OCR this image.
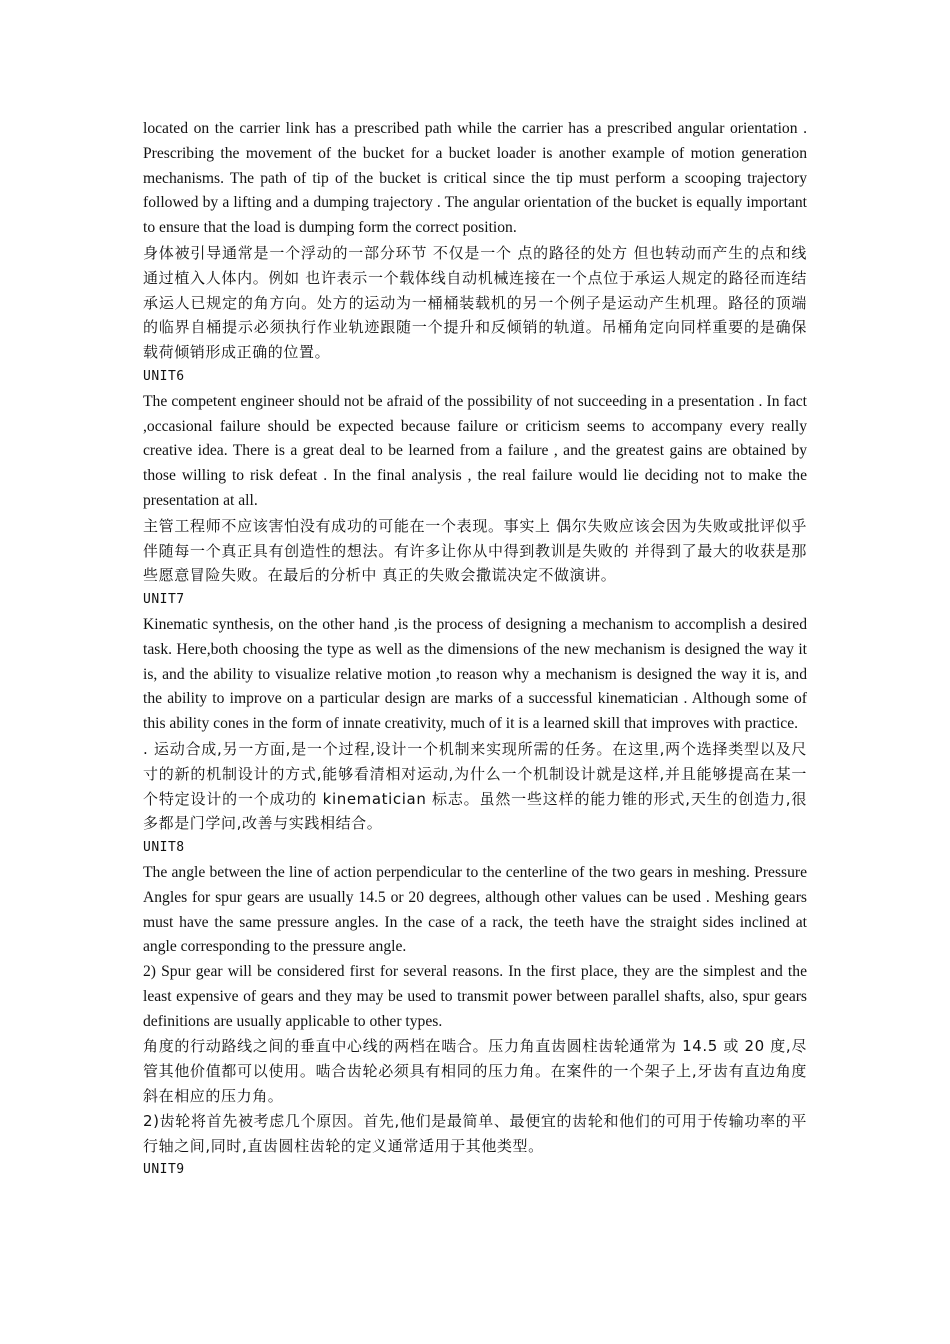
located on the carrier link has a prescribed path while the carrier has a prescribed angular orientation . Prescribing the movement of the bucket for a bucket loader is another example of motion generation mechanisms. The path of tip of the bucket is critical since the tip must perform a scooping trajectory followed by a lifting and a dumping trajectory . The angular orientation of the bucket is equally important to ensure that the load is dumping form the correct position.

身体被引导通常是一个浮动的一部分环节 不仅是一个 点的路径的处方 但也转动而产生的点和线通过植入人体内。例如 也许表示一个载体线自动机械连接在一个点位于承运人规定的路径而连结承运人已规定的角方向。处方的运动为一桶桶装载机的另一个例子是运动产生机理。路径的顶端的临界自桶提示必须执行作业轨迹跟随一个提升和反倾销的轨道。吊桶角定向同样重要的是确保载荷倾销形成正确的位置。

UNIT6

The competent engineer should not be afraid of the possibility of not succeeding in a presentation . In fact ,occasional failure should be expected because failure or criticism seems to accompany every really creative idea. There is a great deal to be learned from a failure , and the greatest gains are obtained by those willing to risk defeat . In the final analysis , the real failure would lie deciding not to make the presentation at all.

主管工程师不应该害怕没有成功的可能在一个表现。事实上 偶尔失败应该会因为失败或批评似乎伴随每一个真正具有创造性的想法。有许多让你从中得到教训是失败的 并得到了最大的收获是那些愿意冒险失败。在最后的分析中 真正的失败会撒谎决定不做演讲。

UNIT7

Kinematic synthesis, on the other hand ,is the process of designing a mechanism to accomplish a desired task. Here,both choosing the type as well as the dimensions of the new mechanism is designed the way it is, and the ability to visualize relative motion ,to reason why a mechanism is designed the way it is, and the ability to improve on a particular design are marks of a successful kinematician . Although some of this ability cones in the form of innate creativity, much of it is a learned skill that improves with practice.

. 运动合成,另一方面,是一个过程,设计一个机制来实现所需的任务。在这里,两个选择类型以及尺寸的新的机制设计的方式,能够看清相对运动,为什么一个机制设计就是这样,并且能够提高在某一个特定设计的一个成功的 kinematician 标志。虽然一些这样的能力锥的形式,天生的创造力,很多都是门学问,改善与实践相结合。

UNIT8

The angle between the line of action perpendicular to the centerline of the two gears in meshing. Pressure Angles for spur gears are usually 14.5 or 20 degrees, although other values can be used . Meshing gears must have the same pressure angles. In the case of a rack, the teeth have the straight sides inclined at angle corresponding to the pressure angle.

2) Spur gear will be considered first for several reasons. In the first place, they are the simplest and the least expensive of gears and they may be used to transmit power between parallel shafts, also, spur gears definitions are usually applicable to other types.

角度的行动路线之间的垂直中心线的两档在啮合。压力角直齿圆柱齿轮通常为 14.5 或 20 度,尽管其他价值都可以使用。啮合齿轮必须具有相同的压力角。在案件的一个架子上,牙齿有直边角度斜在相应的压力角。

2)齿轮将首先被考虑几个原因。首先,他们是最简单、最便宜的齿轮和他们的可用于传输功率的平行轴之间,同时,直齿圆柱齿轮的定义通常适用于其他类型。

UNIT9
